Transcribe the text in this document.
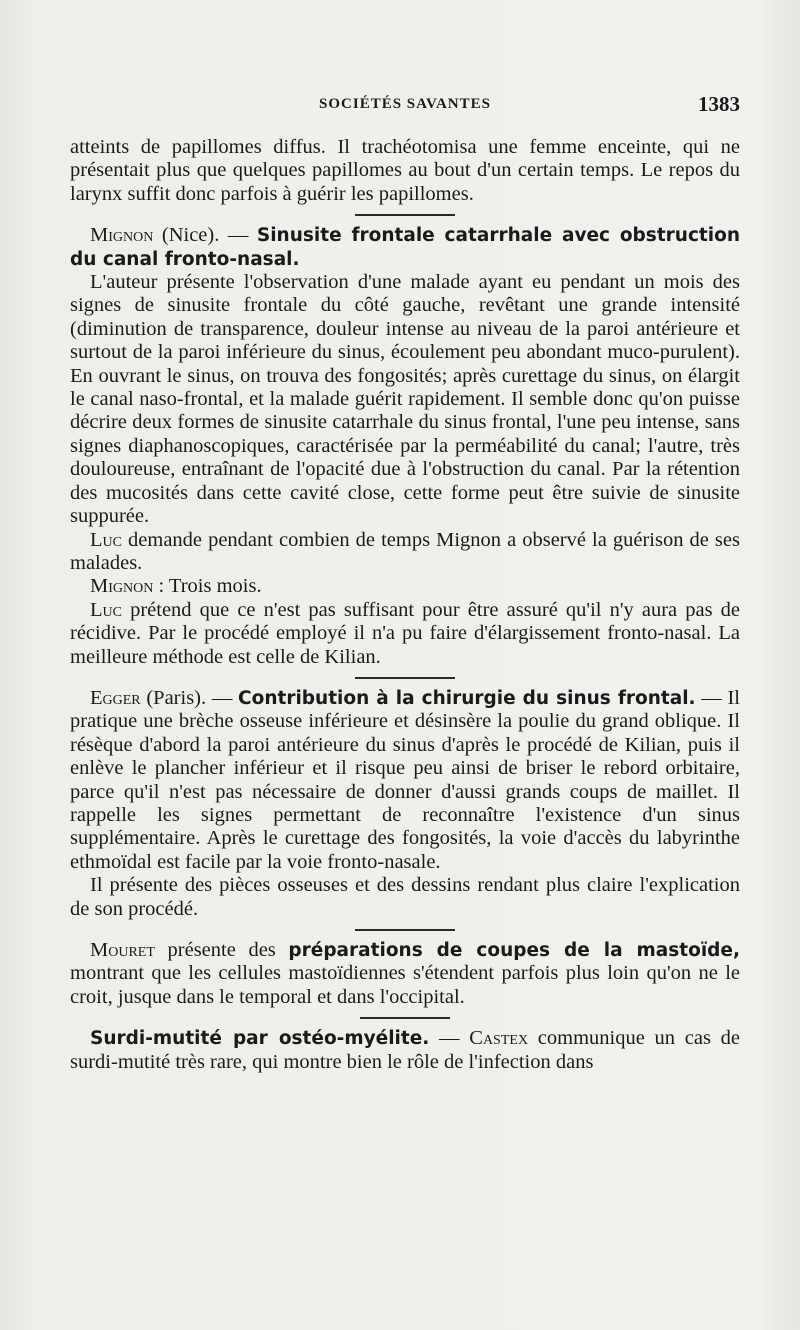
SOCIÉTÉS SAVANTES	1383

atteints de papillomes diffus. Il trachéotomisa une femme enceinte, qui ne présentait plus que quelques papillomes au bout d'un certain temps. Le repos du larynx suffit donc parfois à guérir les papillomes.

Mignon (Nice). — Sinusite frontale catarrhale avec obstruction du canal fronto-nasal.

L'auteur présente l'observation d'une malade ayant eu pendant un mois des signes de sinusite frontale du côté gauche, revêtant une grande intensité (diminution de transparence, douleur intense au niveau de la paroi antérieure et surtout de la paroi inférieure du sinus, écoulement peu abondant muco-purulent). En ouvrant le sinus, on trouva des fongosités; après curettage du sinus, on élargit le canal naso-frontal, et la malade guérit rapidement. Il semble donc qu'on puisse décrire deux formes de sinusite catarrhale du sinus frontal, l'une peu intense, sans signes diaphanoscopiques, caractérisée par la perméabilité du canal; l'autre, très douloureuse, entraînant de l'opacité due à l'obstruction du canal. Par la rétention des mucosités dans cette cavité close, cette forme peut être suivie de sinusite suppurée.

Luc demande pendant combien de temps Mignon a observé la guérison de ses malades.

Mignon : Trois mois.

Luc prétend que ce n'est pas suffisant pour être assuré qu'il n'y aura pas de récidive. Par le procédé employé il n'a pu faire d'élargissement fronto-nasal. La meilleure méthode est celle de Kilian.

Egger (Paris). — Contribution à la chirurgie du sinus frontal. — Il pratique une brèche osseuse inférieure et désinsère la poulie du grand oblique. Il résèque d'abord la paroi antérieure du sinus d'après le procédé de Kilian, puis il enlève le plancher inférieur et il risque peu ainsi de briser le rebord orbitaire, parce qu'il n'est pas nécessaire de donner d'aussi grands coups de maillet. Il rappelle les signes permettant de reconnaître l'existence d'un sinus supplémentaire. Après le curettage des fongosités, la voie d'accès du labyrinthe ethmoïdal est facile par la voie fronto-nasale.

Il présente des pièces osseuses et des dessins rendant plus claire l'explication de son procédé.

Mouret présente des préparations de coupes de la mastoïde, montrant que les cellules mastoïdiennes s'étendent parfois plus loin qu'on ne le croit, jusque dans le temporal et dans l'occipital.

Surdi-mutité par ostéo-myélite. — Castex communique un cas de surdi-mutité très rare, qui montre bien le rôle de l'infection dans
